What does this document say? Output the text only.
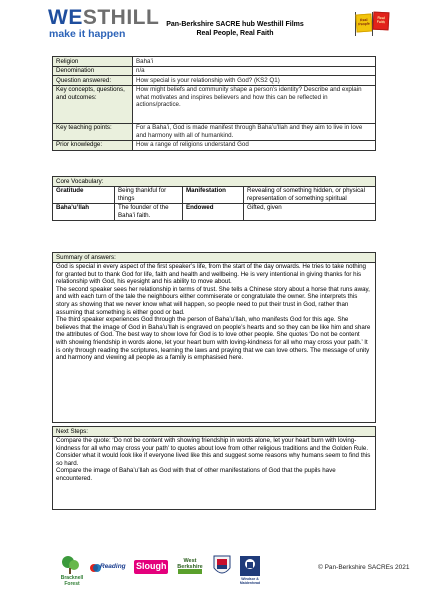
WESTHILL
make it happen
Pan-Berkshire SACRE hub Westhill Films
Real People, Real Faith
Real People
Real Faith
Religion	Baha’i
Denomination	n/a
Question answered:	How special is your relationship with God? (KS2 Q1)
Key concepts, questions, and outcomes:	How might beliefs and community shape a person’s identity? Describe and explain what motivates and inspires believers and how this can be reflected in actions/practice.
Key teaching points:	For a Baha’i, God is made manifest through Baha’u’llah and they aim to live in love and harmony with all of humankind.
Prior knowledge:	How a range of religions understand God
Core Vocabulary:			
Gratitude	Being thankful for things	Manifestation	Revealing of something hidden, or physical representation of something spiritual
Baha’u’llah	The founder of the Baha’i faith.	Endowed	Gifted, given
Summary of answers:

God is special in every aspect of the first speaker’s life, from the start of the day onwards. He tries to take nothing for granted but to thank God for life, faith and health and wellbeing. He is very intentional in giving thanks for his relationship with God, his eyesight and his ability to move about.

The second speaker sees her relationship in terms of trust. She tells a Chinese story about a horse that runs away, and with each turn of the tale the neighbours either commiserate or congratulate the owner. She interprets this story as showing that we never know what will happen, so people need to put their trust in God, rather than assuming that something is either good or bad.

The third speaker experiences God through the person of Baha’u’llah, who manifests God for this age. She believes that the image of God in Baha’u’llah is engraved on people’s hearts and so they can be like him and share the attributes of God. The best way to show love for God is to love other people. She quotes ‘Do not be content with showing friendship in words alone, let your heart burn with loving-kindness for all who may cross your path.’ It is only through reading the scriptures, learning the laws and praying that we can love others. The message of unity and harmony and viewing all people as a family is emphasised here.

Next Steps:

Compare the quote: ‘Do not be content with showing friendship in words alone, let your heart burn with loving-kindness for all who may cross your path’ to quotes about love from other religious traditions and the Golden Rule.

Consider what it would look like if everyone lived like this and suggest some reasons why humans seem to find this so hard.

Compare the image of Baha’u’llah as God with that of other manifestations of God that the pupils have encountered.

Bracknell Forest
Reading Slough	West Berkshire
Windsor & Maidenhead
© Pan-Berkshire SACREs 2021
